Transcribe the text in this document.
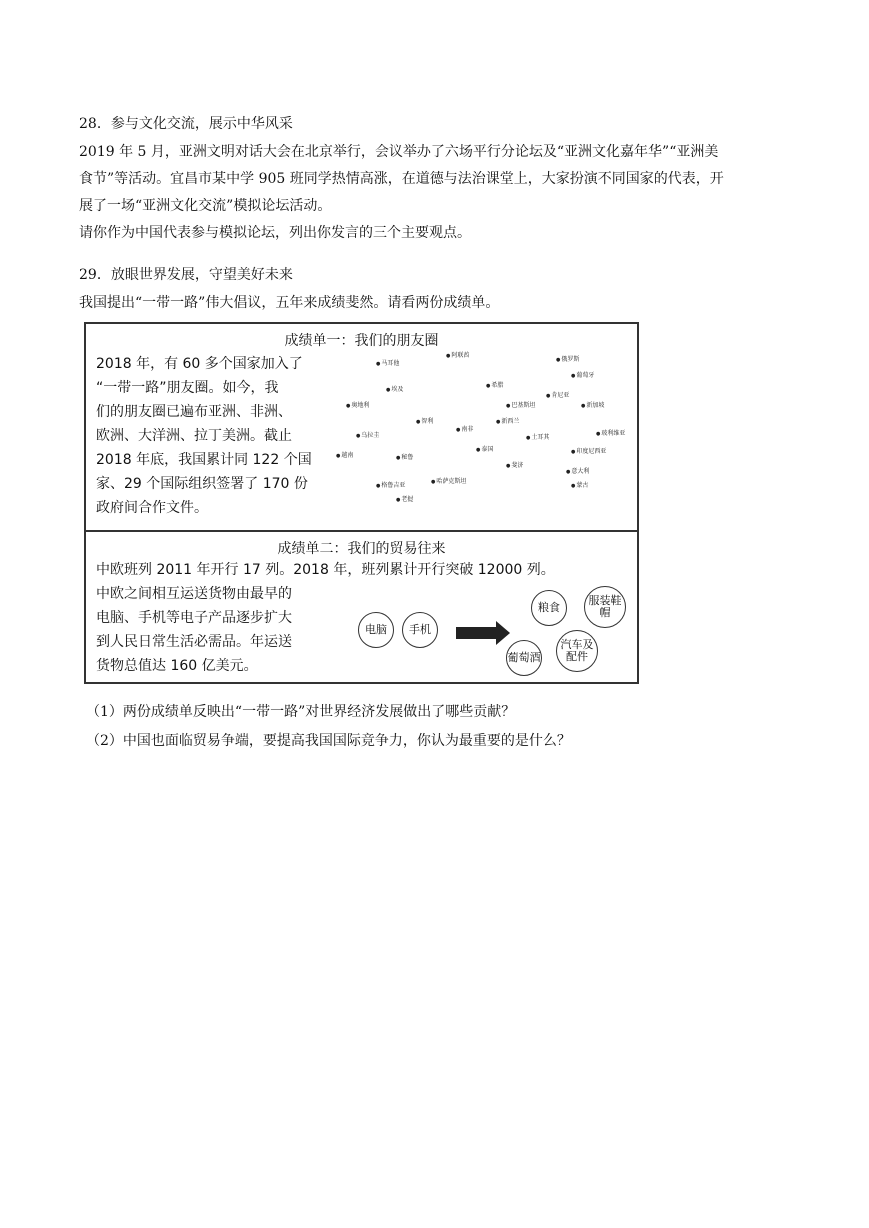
28．参与文化交流，展示中华风采
2019 年 5 月，亚洲文明对话大会在北京举行，会议举办了六场平行分论坛及“亚洲文化嘉年华”“亚洲美
食节”等活动。宜昌市某中学 905 班同学热情高涨，在道德与法治课堂上，大家扮演不同国家的代表，开
展了一场“亚洲文化交流”模拟论坛活动。
请你作为中国代表参与模拟论坛，列出你发言的三个主要观点。
29．放眼世界发展，守望美好未来
我国提出“一带一路”伟大倡议，五年来成绩斐然。请看两份成绩单。
成绩单一：我们的朋友圈
2018 年，有 60 多个国家加入了
“一带一路”朋友圈。如今，我
们的朋友圈已遍布亚洲、非洲、
欧洲、大洋洲、拉丁美洲。截止
2018 年底，我国累计同 122 个国
家、29 个国际组织签署了 170 份
政府间合作文件。
● 阿联酋
● 俄罗斯
● 马耳他
● 葡萄牙
● 埃及
● 希腊
● 肯尼亚
● 奥地利	● 巴基斯坦	● 新加坡
● 智利	● 新西兰
● 玻利维亚
● 乌拉圭
● 南非
● 土耳其
● 印度尼西亚
● 越南	● 秘鲁
● 泰国
● 斐济
● 意大利
● 格鲁吉亚
● 哈萨克斯坦
● 蒙古
● 老挝
成绩单二：我们的贸易往来
中欧班列 2011 年开行 17 列。2018 年，班列累计开行突破 12000 列。
中欧之间相互运送货物由最早的
电脑、手机等电子产品逐步扩大
到人民日常生活必需品。年运送
货物总值达 160 亿美元。
电脑	手机
粮食
服装鞋帽
葡萄酒
汽车及配件
（1）两份成绩单反映出“一带一路”对世界经济发展做出了哪些贡献？
（2）中国也面临贸易争端，要提高我国国际竞争力，你认为最重要的是什么？
